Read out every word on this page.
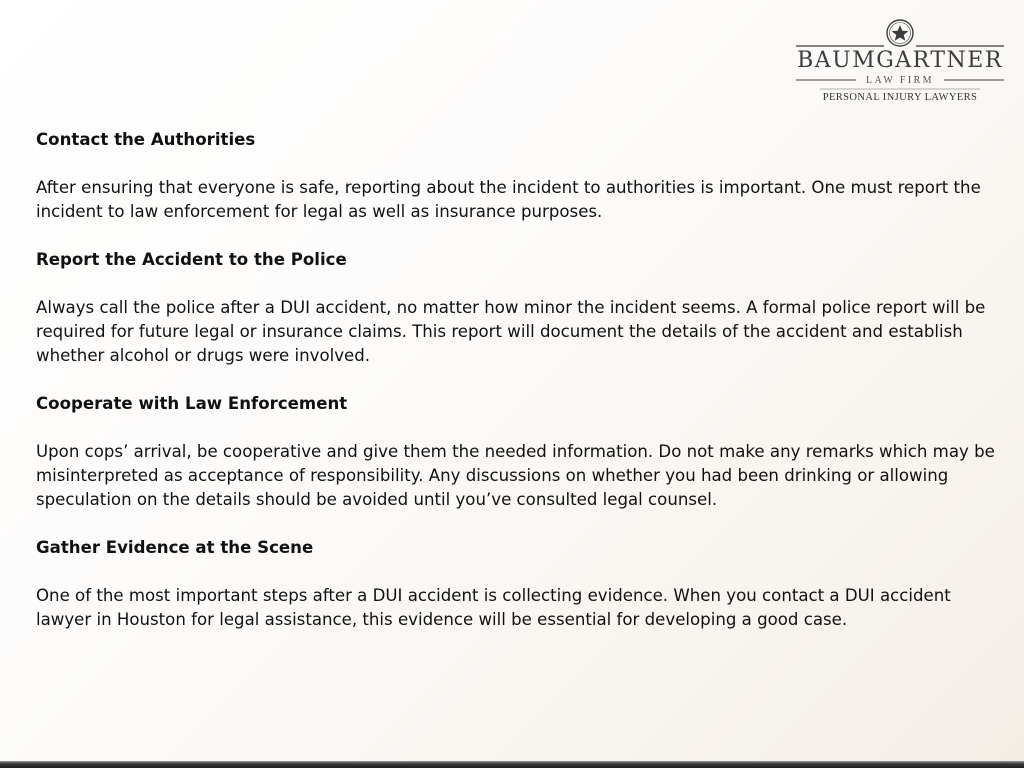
BAUMGARTNER
LAW FIRM
PERSONAL INJURY LAWYERS

Contact the Authorities

After ensuring that everyone is safe, reporting about the incident to authorities is important. One must report the incident to law enforcement for legal as well as insurance purposes.

Report the Accident to the Police

Always call the police after a DUI accident, no matter how minor the incident seems. A formal police report will be required for future legal or insurance claims. This report will document the details of the accident and establish whether alcohol or drugs were involved.

Cooperate with Law Enforcement

Upon cops’ arrival, be cooperative and give them the needed information. Do not make any remarks which may be misinterpreted as acceptance of responsibility. Any discussions on whether you had been drinking or allowing speculation on the details should be avoided until you’ve consulted legal counsel.

Gather Evidence at the Scene

One of the most important steps after a DUI accident is collecting evidence. When you contact a DUI accident lawyer in Houston for legal assistance, this evidence will be essential for developing a good case.
